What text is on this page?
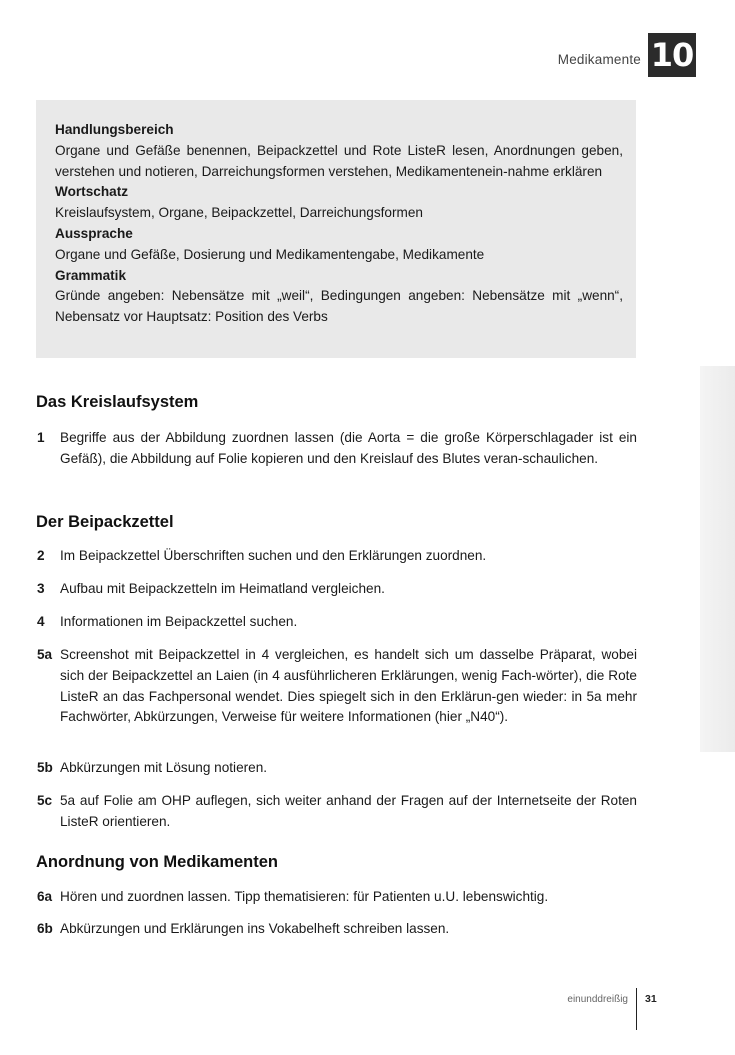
Medikamente 10
Handlungsbereich
Organe und Gefäße benennen, Beipackzettel und Rote ListeR lesen, Anordnungen geben, verstehen und notieren, Darreichungsformen verstehen, Medikamentenein-nahme erklären
Wortschatz
Kreislaufsystem, Organe, Beipackzettel, Darreichungsformen
Aussprache
Organe und Gefäße, Dosierung und Medikamentengabe, Medikamente
Grammatik
Gründe angeben: Nebensätze mit „weil“, Bedingungen angeben: Nebensätze mit „wenn“, Nebensatz vor Hauptsatz: Position des Verbs
Das Kreislaufsystem
1	Begriffe aus der Abbildung zuordnen lassen (die Aorta = die große Körperschlagader ist ein Gefäß), die Abbildung auf Folie kopieren und den Kreislauf des Blutes veran-schaulichen.
Der Beipackzettel
2	Im Beipackzettel Überschriften suchen und den Erklärungen zuordnen.
3	Aufbau mit Beipackzetteln im Heimatland vergleichen.
4	Informationen im Beipackzettel suchen.
5a Screenshot mit Beipackzettel in 4 vergleichen, es handelt sich um dasselbe Präparat, wobei sich der Beipackzettel an Laien (in 4 ausführlicheren Erklärungen, wenig Fach-wörter), die Rote ListeR an das Fachpersonal wendet. Dies spiegelt sich in den Erklärun-gen wieder: in 5a mehr Fachwörter, Abkürzungen, Verweise für weitere Informationen (hier „N40“).
5b Abkürzungen mit Lösung notieren.
5c 5a auf Folie am OHP auflegen, sich weiter anhand der Fragen auf der Internetseite der Roten ListeR orientieren.
Anordnung von Medikamenten
6a Hören und zuordnen lassen. Tipp thematisieren: für Patienten u.U. lebenswichtig.
6b Abkürzungen und Erklärungen ins Vokabelheft schreiben lassen.
einunddreißig 31
